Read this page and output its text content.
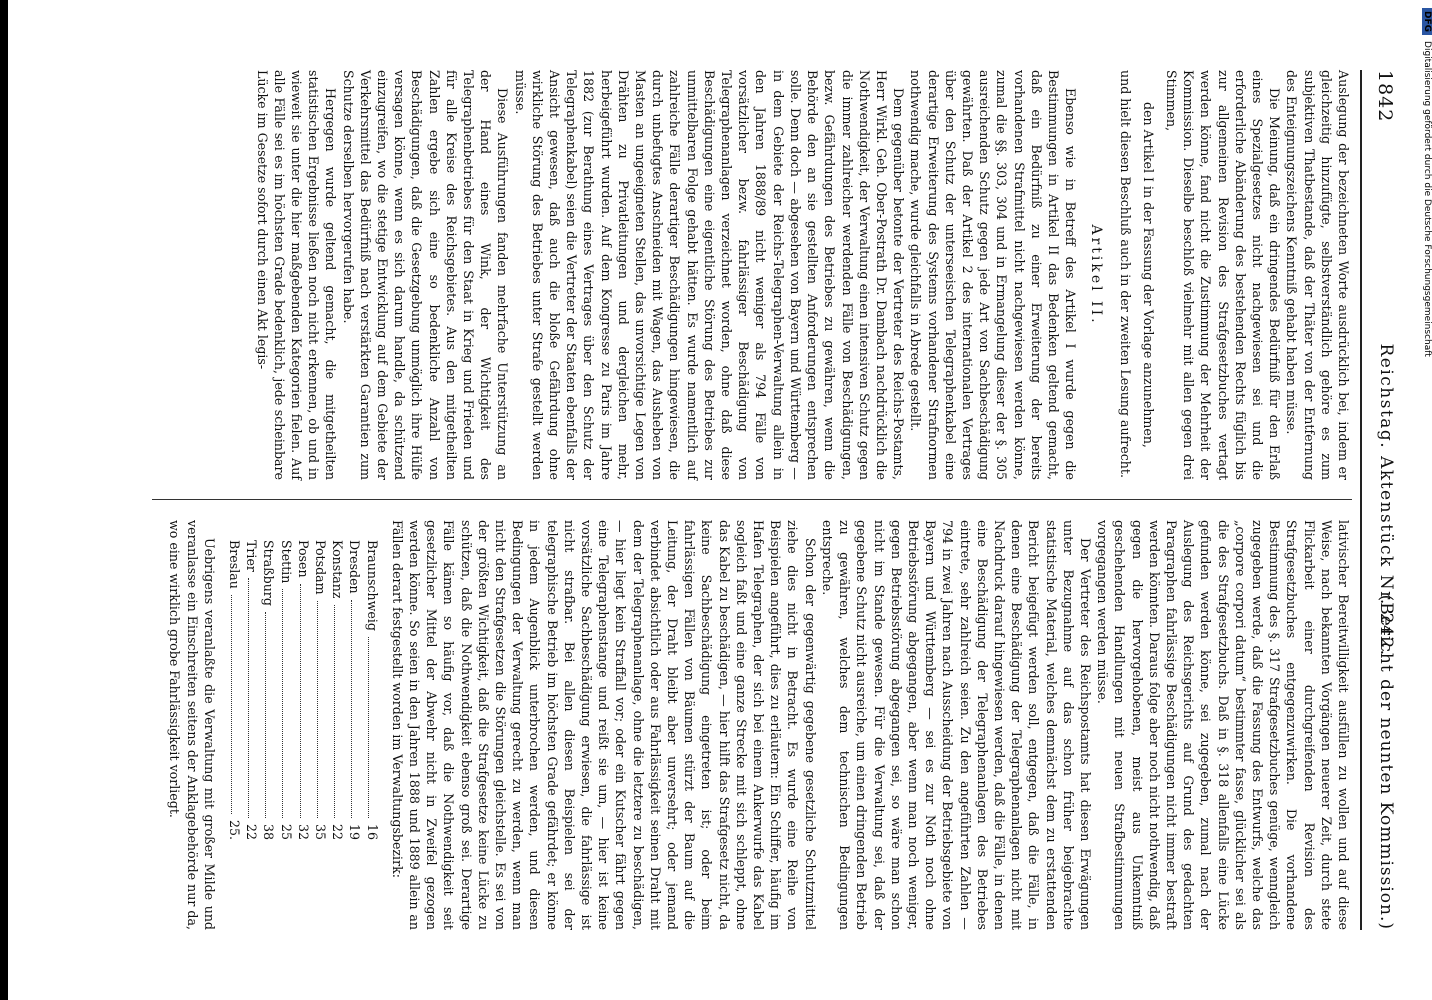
1842
Reichstag. Aktenstück Nr. 242.
(Bericht der neunten Kommission.)

Auslegung der bezeichneten Worte ausdrücklich bei, indem er gleichzeitig hinzufügte, selbstverständlich gehöre es zum subjektiven Thatbestande, daß der Thäter von der Entfernung des Enteignungszeichens Kenntniß gehabt haben müsse.

Die Meinung, daß ein dringendes Bedürfniß für den Erlaß eines Spezialgesetzes nicht nachgewiesen sei und die erforderliche Abänderung des bestehenden Rechts füglich bis zur allgemeinen Revision des Strafgesetzbuches vertagt werden könne, fand nicht die Zustimmung der Mehrheit der Kommission. Dieselbe beschloß vielmehr mit allen gegen drei Stimmen,

den Artikel I in der Fassung der Vorlage anzunehmen,

und hielt diesen Beschluß auch in der zweiten Lesung aufrecht.

Artikel II.

Ebenso wie in Betreff des Artikel I wurde gegen die Bestimmungen in Artikel II das Bedenken geltend gemacht, daß ein Bedürfniß zu einer Erweiterung der bereits vorhandenen Strafmittel nicht nachgewiesen werden könne, zumal die §§. 303, 304 und in Ermangelung dieser der §. 305 ausreichenden Schutz gegen jede Art von Sachbeschädigung gewährten. Daß der Artikel 2 des internationalen Vertrages über den Schutz der unterseeischen Telegraphenkabel eine derartige Erweiterung des Systems vorhandener Strafnormen nothwendig mache, wurde gleichfalls in Abrede gestellt.

Dem gegenüber betonte der Vertreter des Reichs-Postamts, Herr Wirkl. Geh. Ober-Postrath Dr. Dambach nachdrücklich die Nothwendigkeit, der Verwaltung einen intensiven Schutz gegen die immer zahlreicher werdenden Fälle von Beschädigungen, bezw. Gefährdungen des Betriebes zu gewähren, wenn die Behörde den an sie gestellten Anforderungen entsprechen solle. Denn doch — abgesehen von Bayern und Württemberg — in dem Gebiete der Reichs-Telegraphen-Verwaltung allein in den Jahren 1888/89 nicht weniger als 794 Fälle von vorsätzlicher bezw. fahrlässiger Beschädigung von Telegraphenanlagen verzeichnet worden, ohne daß diese Beschädigungen eine eigentliche Störung des Betriebes zur unmittelbaren Folge gehabt hätten. Es wurde namentlich auf zahlreiche Fälle derartiger Beschädigungen hingewiesen, die durch unbefugtes Anschneiden mit Wagen, das Ausheben von Masten an ungeeigneten Stellen, das unvorsichtige Legen von Drähten zu Privatleitungen und dergleichen mehr, herbeigeführt wurden. Auf dem Kongresse zu Paris im Jahre 1882 (zur Berathung eines Vertrages über den Schutz der Telegraphenkabel) seien die Vertreter der Staaten ebenfalls der Ansicht gewesen, daß auch die bloße Gefährdung ohne wirkliche Störung des Betriebes unter Strafe gestellt werden müsse.

Diese Ausführungen fanden mehrfache Unterstützung an der Hand eines Wink, der Wichtigkeit des Telegraphenbetriebes für den Staat in Krieg und Frieden und für alle Kreise des Reichsgebietes. Aus den mitgetheilten Zahlen ergebe sich eine so bedenkliche Anzahl von Beschädigungen, daß die Gesetzgebung unmöglich ihre Hülfe versagen könne, wenn es sich darum handle, da schützend einzugreifen, wo die stetige Entwicklung auf dem Gebiete der Verkehrsmittel das Bedürfniß nach verstärkten Garantien zum Schutze derselben hervorgerufen habe.

Hergegen wurde geltend gemacht, die mitgetheilten statistischen Ergebnisse ließen noch nicht erkennen, ob und in wieweit sie unter die hier maßgebenden Kategorien fielen. Auf alle Fälle sei es im höchsten Grade bedenklich, jede scheinbare Lücke im Gesetze sofort durch einen Akt legis-

lativischer Bereitwilligkeit ausfüllen zu wollen und auf diese Weise, nach bekannten Vorgängen neuerer Zeit, durch stete Flickarbeit einer durchgreifenden Revision des Strafgesetzbuches entgegenzuwirken. Die vorhandene Bestimmung des §. 317 Strafgesetzbuches genüge, wenngleich zugegeben werde, daß die Fassung des Entwurfs, welche das „corpore corpori datum“ bestimmter fasse, glücklicher sei als die des Strafgesetzbuchs. Daß in §. 318 allenfalls eine Lücke gefunden werden könne, sei zugegeben, zumal nach der Auslegung des Reichsgerichts auf Grund des gedachten Paragraphen fahrlässige Beschädigungen nicht immer bestraft werden könnten. Daraus folge aber noch nicht nothwendig, daß gegen die hervorgehobenen, meist aus Unkenntniß geschehenden Handlungen mit neuen Strafbestimmungen vorgegangen werden müsse.

Der Vertreter des Reichspostamts hat diesen Erwägungen unter Bezugnahme auf das schon früher beigebrachte statistische Material, welches demnächst dem zu erstattenden Bericht beigefügt werden soll, entgegen, daß die Fälle, in denen eine Beschädigung der Telegraphenanlagen nicht mit Nachdruck darauf hingewiesen werden, daß die Fälle, in denen eine Beschädigung der Telegraphenanlagen des Betriebes eintrete, sehr zahlreich seien. Zu den angeführten Zahlen — 794 in zwei Jahren nach Ausscheidung der Betriebsgebiete von Bayern und Württemberg — sei es zur Noth noch ohne Betriebsstörung abgegangen, aber wenn man noch weniger, gegen Betriebsstörung abgegangen sei, so wäre man schon nicht im Stande gewesen. Für die Verwaltung sei, daß der gegebene Schutz nicht ausreiche, um einen dringenden Betrieb zu gewähren, welches dem technischen Bedingungen entspreche.

Schon der gegenwärtig gegebene gesetzliche Schutzmittel ziehe dies nicht in Betracht. Es wurde eine Reihe von Beispielen angeführt, dies zu erläutern: Ein Schiffer, häufig im Hafen Telegraphen, der sich bei einem Ankerwurfe das Kabel sogleich faßt und eine ganze Strecke mit sich schleppt, ohne das Kabel zu beschädigen, — hier hilft das Strafgesetz nicht, da keine Sachbeschädigung eingetreten ist; oder beim fahrlässigen Fällen von Bäumen stürzt der Baum auf die Leitung, der Draht bleibt aber unversehrt; oder jemand verbindet absichtlich oder aus Fahrlässigkeit seinen Draht mit dem der Telegraphenanlage, ohne die letztere zu beschädigen, — hier liegt kein Straffall vor; oder ein Kutscher fährt gegen eine Telegraphenstange und reißt sie um, — hier ist keine vorsätzliche Sachbeschädigung erwiesen, die fahrlässige ist nicht strafbar. Bei allen diesen Beispielen sei der telegraphische Betrieb im höchsten Grade gefährdet; er könne in jedem Augenblick unterbrochen werden, und diesen Bedingungen der Verwaltung gerecht zu werden, wenn man nicht den Strafgesetzen die Störungen gleichstelle. Es sei von der größten Wichtigkeit, daß die Strafgesetze keine Lücke zu schützen, daß die Nothwendigkeit ebenso groß sei. Derartige Fälle kämen so häufig vor, daß die Nothwendigkeit seit gesetzlicher Mittel der Abwehr nicht in Zweifel gezogen werden könne. So seien in den Jahren 1888 und 1889 allein an Fällen derart festgestellt worden im Verwaltungsbezirk:

Braunschweig
16
Dresden
19
Konstanz
22
Potsdam
35
Posen
32
Stettin
25
Straßburg
38
Trier
22
Breslau
25.

Uebrigens veranlaßte die Verwaltung mit großer Milde und veranlasse ein Einschreiten seitens der Anklagebehörde nur da, wo eine wirklich grobe Fahrlässigkeit vorliegt.

DFGDigitalisierung gefördert durch die Deutsche Forschungsgemeinschaft
